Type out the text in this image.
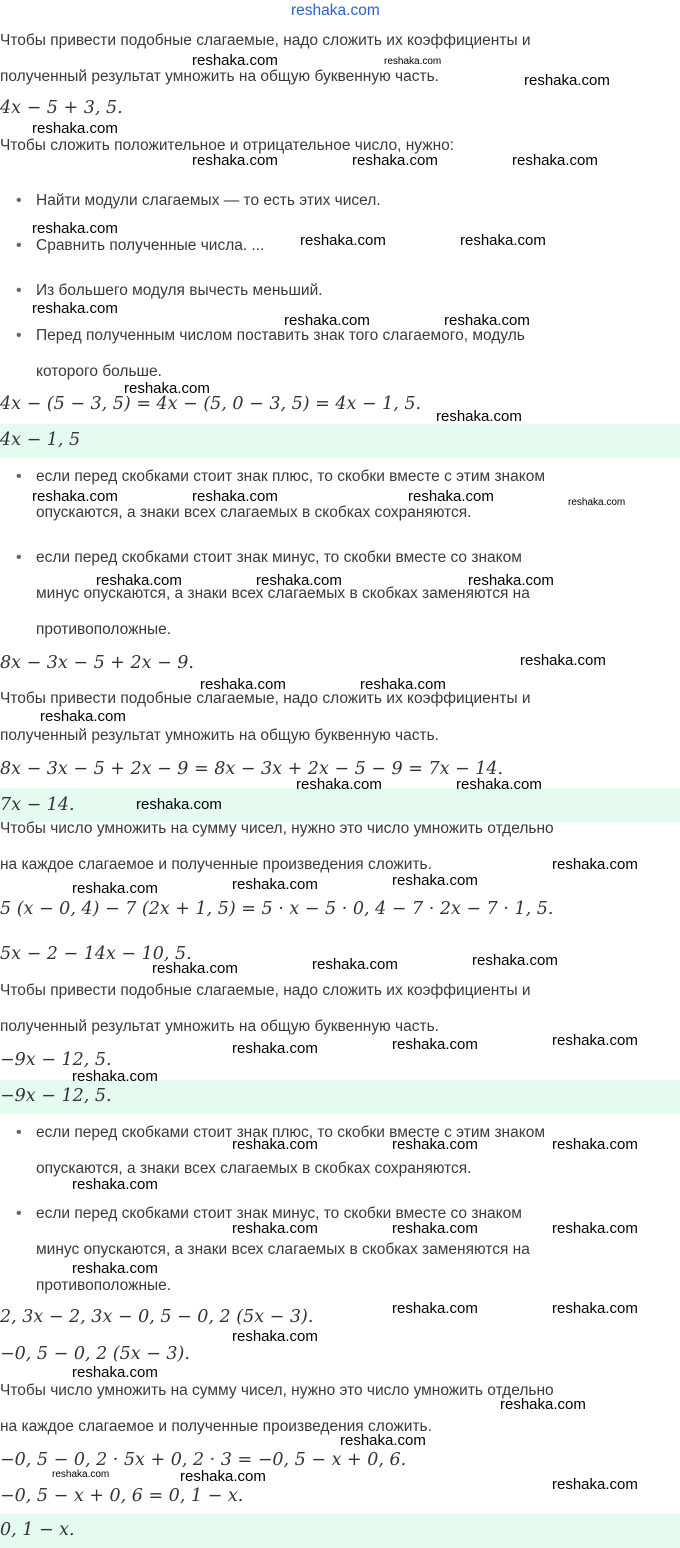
Чтобы привести подобные слагаемые, надо сложить их коэффициенты и
полученный результат умножить на общую буквенную часть.
4x − 5 + 3, 5.
Чтобы сложить положительное и отрицательное число, нужно:
• Найти модули слагаемых — то есть этих чисел.
• Сравнить полученные числа. ...
• Из большего модуля вычесть меньший.
• Перед полученным числом поставить знак того слагаемого, модуль
которого больше.
4x − (5 − 3, 5) = 4x − (5, 0 − 3, 5) = 4x − 1, 5.
4x − 1, 5
• если перед скобками стоит знак плюс, то скобки вместе с этим знаком
опускаются, а знаки всех слагаемых в скобках сохраняются.
• если перед скобками стоит знак минус, то скобки вместе со знаком
минус опускаются, а знаки всех слагаемых в скобках заменяются на
противоположные.
8x − 3x − 5 + 2x − 9.
Чтобы привести подобные слагаемые, надо сложить их коэффициенты и
полученный результат умножить на общую буквенную часть.
8x − 3x − 5 + 2x − 9 = 8x − 3x + 2x − 5 − 9 = 7x − 14.
7x − 14.
Чтобы число умножить на сумму чисел, нужно это число умножить отдельно
на каждое слагаемое и полученные произведения сложить.
5 (x − 0, 4) − 7 (2x + 1, 5) = 5 · x − 5 · 0, 4 − 7 · 2x − 7 · 1, 5.
5x − 2 − 14x − 10, 5.
Чтобы привести подобные слагаемые, надо сложить их коэффициенты и
полученный результат умножить на общую буквенную часть.
−9x − 12, 5.
−9x − 12, 5.
• если перед скобками стоит знак плюс, то скобки вместе с этим знаком
опускаются, а знаки всех слагаемых в скобках сохраняются.
• если перед скобками стоит знак минус, то скобки вместе со знаком
минус опускаются, а знаки всех слагаемых в скобках заменяются на
противоположные.
2, 3x − 2, 3x − 0, 5 − 0, 2 (5x − 3).
−0, 5 − 0, 2 (5x − 3).
Чтобы число умножить на сумму чисел, нужно это число умножить отдельно
на каждое слагаемое и полученные произведения сложить.
−0, 5 − 0, 2 · 5x + 0, 2 · 3 = −0, 5 − x + 0, 6.
−0, 5 − x + 0, 6 = 0, 1 − x.
0, 1 − x.
reshaka.com
reshaka.com	reshaka.com
reshaka.com
reshaka.com
reshaka.com	reshaka.com	reshaka.com
reshaka.com
reshaka.com	reshaka.com
reshaka.com
reshaka.com	reshaka.com
reshaka.com
reshaka.com
reshaka.com	reshaka.com	reshaka.com	reshaka.com
reshaka.com	reshaka.com	reshaka.com
reshaka.com
reshaka.com	reshaka.com
reshaka.com
reshaka.com	reshaka.com
reshaka.com
reshaka.com
reshaka.com	reshaka.com	reshaka.com
reshaka.com	reshaka.com	reshaka.com
reshaka.com	reshaka.com	reshaka.com
reshaka.com
reshaka.com	reshaka.com	reshaka.com
reshaka.com
reshaka.com	reshaka.com	reshaka.com
reshaka.com
reshaka.com	reshaka.com
reshaka.com
reshaka.com
reshaka.com
reshaka.com
reshaka.com	reshaka.com	reshaka.com
